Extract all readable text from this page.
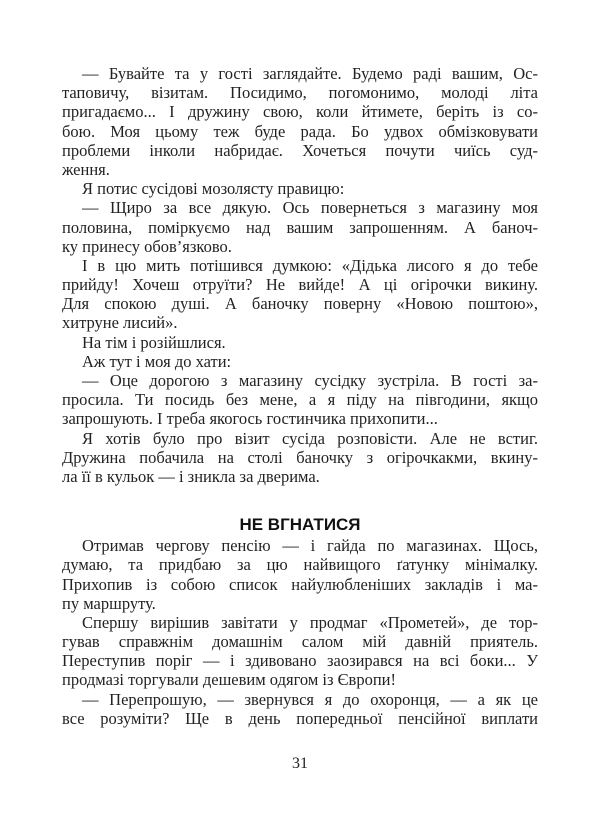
— Бувайте та у гості заглядайте. Будемо раді вашим, Ос-
таповичу, візитам. Посидимо, погомонимо, молоді літа
пригадаємо... І дружину свою, коли йтимете, беріть із со-
бою. Моя цьому теж буде рада. Бо удвох обмізковувати
проблеми інколи набридає. Хочеться почути чиїсь суд-
ження.
Я потис сусідові мозолясту правицю:
— Щиро за все дякую. Ось повернеться з магазину моя
половина, поміркуємо над вашим запрошенням. А баноч-
ку принесу обов’язково.
І в цю мить потішився думкою: «Дідька лисого я до тебе
прийду! Хочеш отруїти? Не вийде! А ці огірочки викину.
Для спокою душі. А баночку поверну «Новою поштою»,
хитруне лисий».
На тім і розійшлися.
Аж тут і моя до хати:
— Оце дорогою з магазину сусідку зустріла. В гості за-
просила. Ти посидь без мене, а я піду на півгодини, якщо
запрошують. І треба якогось гостинчика прихопити...
Я хотів було про візит сусіда розповісти. Але не встиг.
Дружина побачила на столі баночку з огірочкакми, вкину-
ла її в кульок — і зникла за дверима.
НЕ ВГНАТИСЯ
Отримав чергову пенсію — і гайда по магазинах. Щось,
думаю, та придбаю за цю найвищого ґатунку мінімалку.
Прихопив із собою список найулюбленіших закладів і ма-
пу маршруту.
Спершу вирішив завітати у продмаг «Прометей», де тор-
гував справжнім домашнім салом мій давній приятель.
Переступив поріг — і здивовано заозирався на всі боки... У
продмазі торгували дешевим одягом із Європи!
— Перепрошую, — звернувся я до охоронця, — а як це
все розуміти? Ще в день попередньої пенсійної виплати
31
